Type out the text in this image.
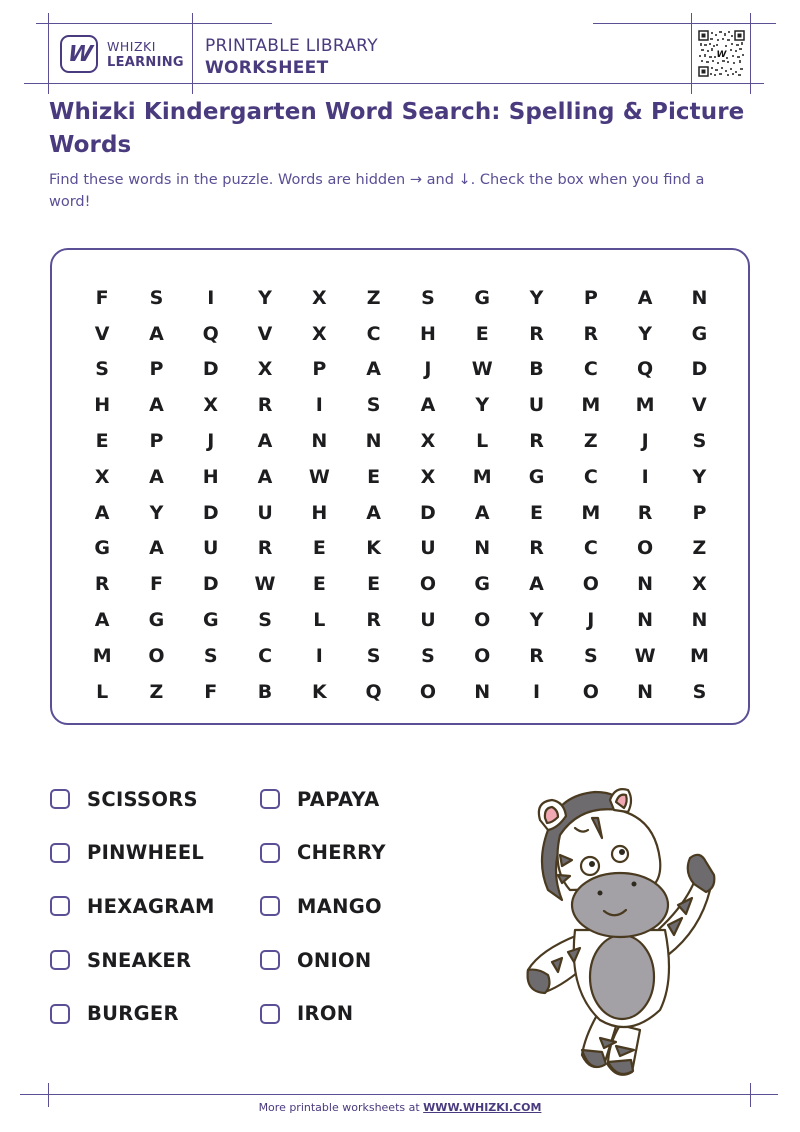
W WHIZKI
LEARNING
PRINTABLE LIBRARY
WORKSHEET
W
Whizki Kindergarten Word Search: Spelling & Picture Words

Find these words in the puzzle. Words are hidden → and ↓. Check the box when you find a word!

F	S	I	Y	X	Z	S	G	Y	P	A	N
V	A	Q	V	X	C	H	E	R	R	Y	G
S	P	D	X	P	A	J	W	B	C	Q	D
H	A	X	R	I	S	A	Y	U	M	M	V
E	P	J	A	N	N	X	L	R	Z	J	S
X	A	H	A	W	E	X	M	G	C	I	Y
A	Y	D	U	H	A	D	A	E	M	R	P
G	A	U	R	E	K	U	N	R	C	O	Z
R	F	D	W	E	E	O	G	A	O	N	X
A	G	G	S	L	R	U	O	Y	J	N	N
M	O	S	C	I	S	S	O	R	S	W	M
L	Z	F	B	K	Q	O	N	I	O	N	S
SCISSORS	PAPAYA
PINWHEEL	CHERRY
HEXAGRAM	MANGO
SNEAKER	ONION
BURGER	IRON
More printable worksheets at WWW.WHIZKI.COM
